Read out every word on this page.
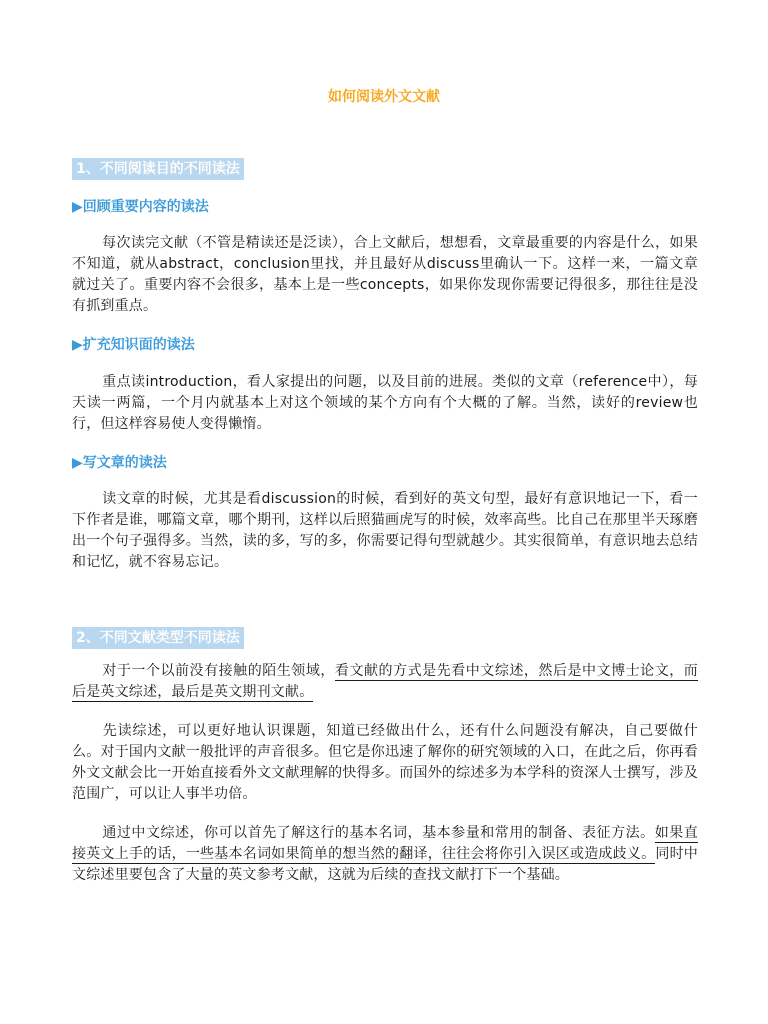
如何阅读外文文献
1、不同阅读目的不同读法
▶回顾重要内容的读法
每次读完文献（不管是精读还是泛读），合上文献后，想想看，文章最重要的内容是什么，如果不知道，就从abstract，conclusion里找，并且最好从discuss里确认一下。这样一来，一篇文章就过关了。重要内容不会很多，基本上是一些concepts，如果你发现你需要记得很多，那往往是没有抓到重点。
▶扩充知识面的读法
重点读introduction，看人家提出的问题，以及目前的进展。类似的文章（reference中），每天读一两篇，一个月内就基本上对这个领域的某个方向有个大概的了解。当然，读好的review也行，但这样容易使人变得懒惰。
▶写文章的读法
读文章的时候，尤其是看discussion的时候，看到好的英文句型，最好有意识地记一下，看一下作者是谁，哪篇文章，哪个期刊，这样以后照猫画虎写的时候，效率高些。比自己在那里半天琢磨出一个句子强得多。当然，读的多，写的多，你需要记得句型就越少。其实很简单，有意识地去总结和记忆，就不容易忘记。
2、不同文献类型不同读法
对于一个以前没有接触的陌生领域，看文献的方式是先看中文综述，然后是中文博士论文，而后是英文综述，最后是英文期刊文献。
先读综述，可以更好地认识课题，知道已经做出什么，还有什么问题没有解决，自己要做什么。对于国内文献一般批评的声音很多。但它是你迅速了解你的研究领域的入口，在此之后，你再看外文文献会比一开始直接看外文文献理解的快得多。而国外的综述多为本学科的资深人士撰写，涉及范围广，可以让人事半功倍。
通过中文综述，你可以首先了解这行的基本名词，基本参量和常用的制备、表征方法。如果直接英文上手的话，一些基本名词如果简单的想当然的翻译，往往会将你引入误区或造成歧义。同时中文综述里要包含了大量的英文参考文献，这就为后续的查找文献打下一个基础。
